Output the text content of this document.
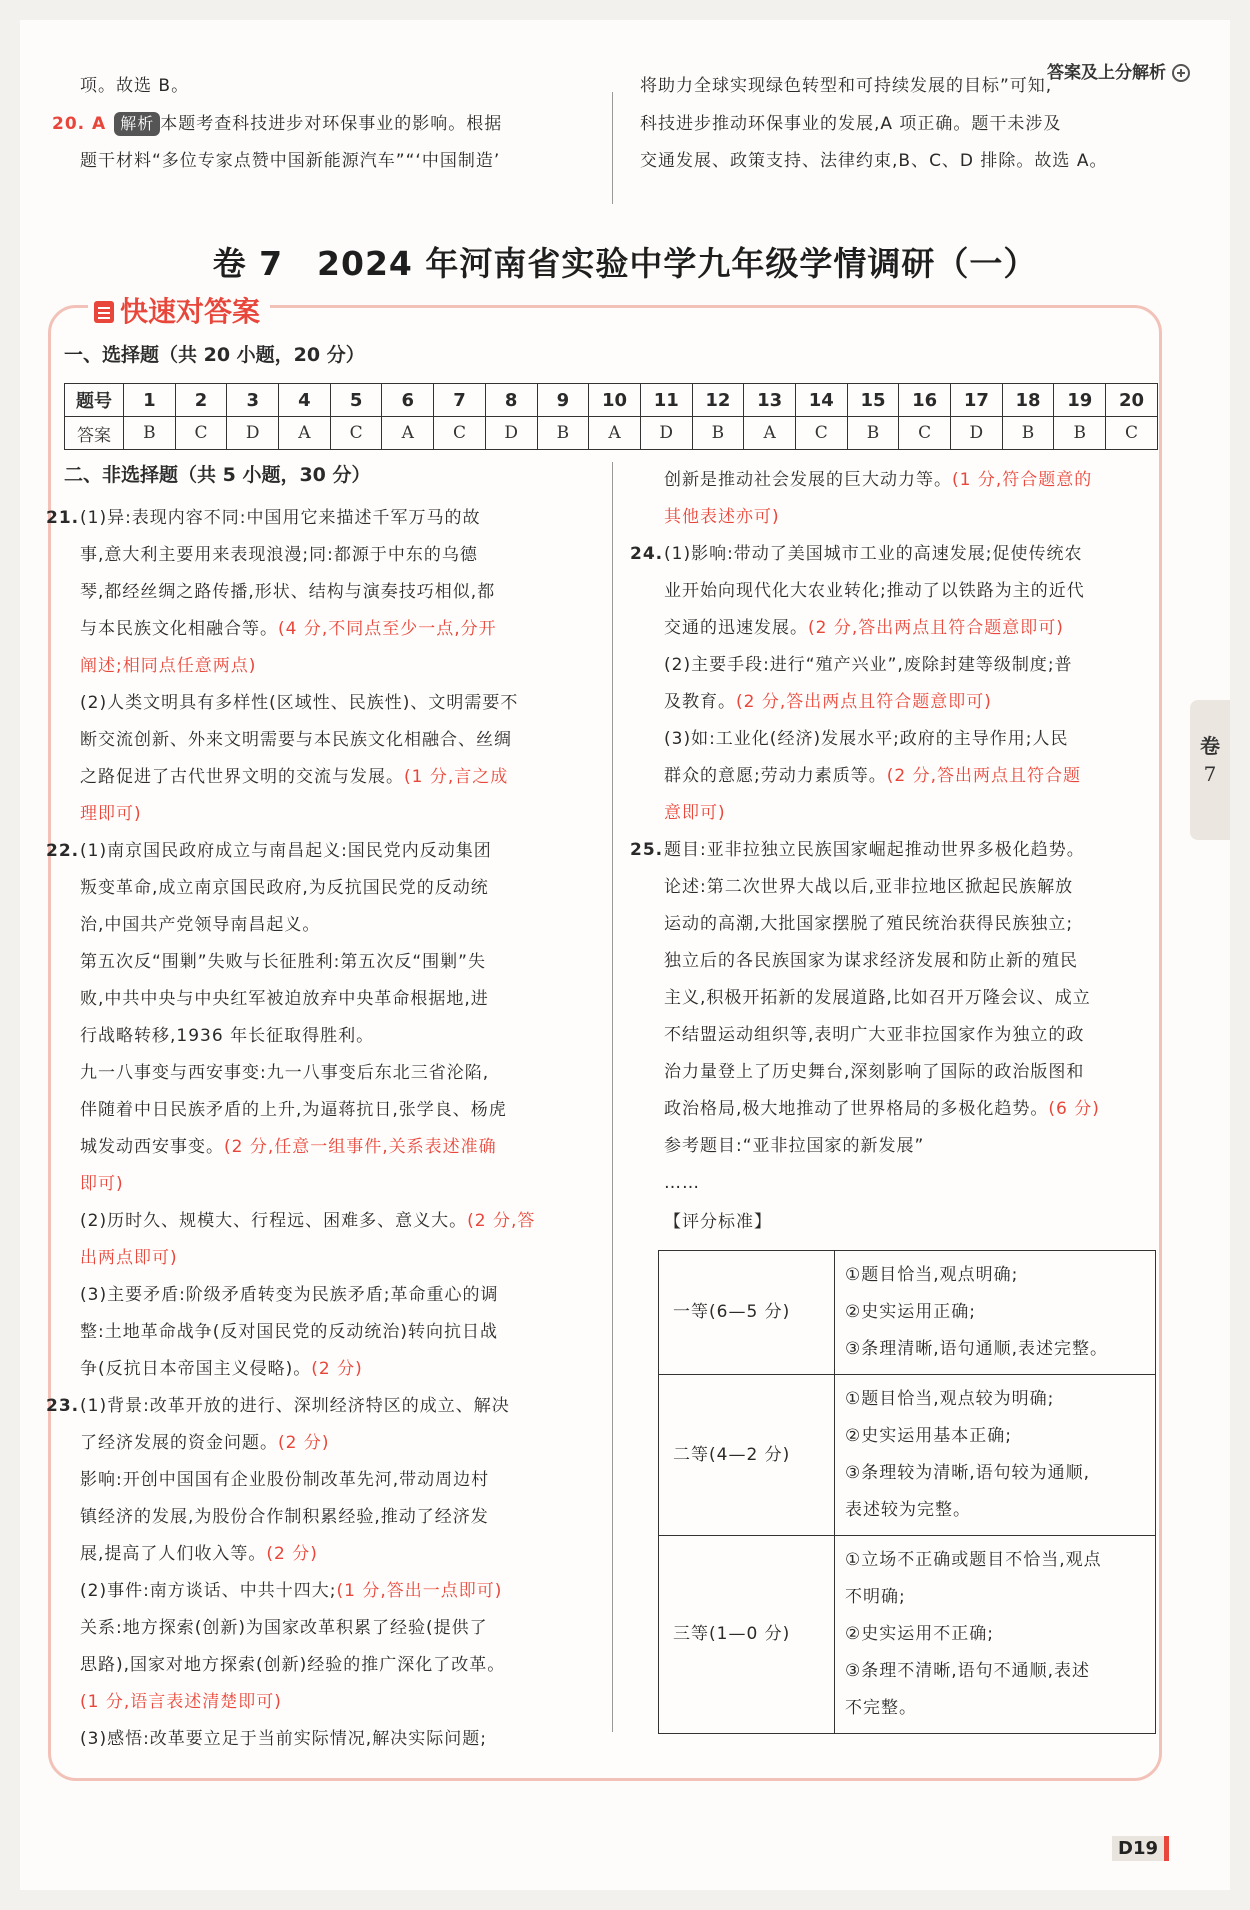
答案及上分解析
项。故选 B。
20. A 解析 本题考查科技进步对环保事业的影响。根据
题干材料“多位专家点赞中国新能源汽车”“‘中国制造’
将助力全球实现绿色转型和可持续发展的目标”可知,
科技进步推动环保事业的发展,A 项正确。题干未涉及
交通发展、政策支持、法律约束,B、C、D 排除。故选 A。
卷 7　2024 年河南省实验中学九年级学情调研（一）
快速对答案
一、选择题（共 20 小题，20 分）
题号	1	2	3	4	5	6	7	8	9	10	11	12	13	14	15	16	17	18	19	20
答案	B	C	D	A	C	A	C	D	B	A	D	B	A	C	B	C	D	B	B	C
二、非选择题（共 5 小题，30 分）

21.(1)异:表现内容不同:中国用它来描述千军万马的故

事,意大利主要用来表现浪漫;同:都源于中东的乌德

琴,都经丝绸之路传播,形状、结构与演奏技巧相似,都

与本民族文化相融合等。(4 分,不同点至少一点,分开

阐述;相同点任意两点)

(2)人类文明具有多样性(区域性、民族性)、文明需要不

断交流创新、外来文明需要与本民族文化相融合、丝绸

之路促进了古代世界文明的交流与发展。(1 分,言之成

理即可)

22.(1)南京国民政府成立与南昌起义:国民党内反动集团

叛变革命,成立南京国民政府,为反抗国民党的反动统

治,中国共产党领导南昌起义。

第五次反“围剿”失败与长征胜利:第五次反“围剿”失

败,中共中央与中央红军被迫放弃中央革命根据地,进

行战略转移,1936 年长征取得胜利。

九一八事变与西安事变:九一八事变后东北三省沦陷,

伴随着中日民族矛盾的上升,为逼蒋抗日,张学良、杨虎

城发动西安事变。(2 分,任意一组事件,关系表述准确

即可)

(2)历时久、规模大、行程远、困难多、意义大。(2 分,答

出两点即可)

(3)主要矛盾:阶级矛盾转变为民族矛盾;革命重心的调

整:土地革命战争(反对国民党的反动统治)转向抗日战

争(反抗日本帝国主义侵略)。(2 分)

23.(1)背景:改革开放的进行、深圳经济特区的成立、解决

了经济发展的资金问题。(2 分)

影响:开创中国国有企业股份制改革先河,带动周边村

镇经济的发展,为股份合作制积累经验,推动了经济发

展,提高了人们收入等。(2 分)

(2)事件:南方谈话、中共十四大;(1 分,答出一点即可)

关系:地方探索(创新)为国家改革积累了经验(提供了

思路),国家对地方探索(创新)经验的推广深化了改革。

(1 分,语言表述清楚即可)

(3)感悟:改革要立足于当前实际情况,解决实际问题;

创新是推动社会发展的巨大动力等。(1 分,符合题意的

其他表述亦可)

24.(1)影响:带动了美国城市工业的高速发展;促使传统农

业开始向现代化大农业转化;推动了以铁路为主的近代

交通的迅速发展。(2 分,答出两点且符合题意即可)

(2)主要手段:进行“殖产兴业”,废除封建等级制度;普

及教育。(2 分,答出两点且符合题意即可)

(3)如:工业化(经济)发展水平;政府的主导作用;人民

群众的意愿;劳动力素质等。(2 分,答出两点且符合题

意即可)

25.题目:亚非拉独立民族国家崛起推动世界多极化趋势。

论述:第二次世界大战以后,亚非拉地区掀起民族解放

运动的高潮,大批国家摆脱了殖民统治获得民族独立;

独立后的各民族国家为谋求经济发展和防止新的殖民

主义,积极开拓新的发展道路,比如召开万隆会议、成立

不结盟运动组织等,表明广大亚非拉国家作为独立的政

治力量登上了历史舞台,深刻影响了国际的政治版图和

政治格局,极大地推动了世界格局的多极化趋势。(6 分)

参考题目:“亚非拉国家的新发展”

……

【评分标准】

一等(6—5 分)	①题目恰当,观点明确;
②史实运用正确;
③条理清晰,语句通顺,表述完整。

二等(4—2 分)	①题目恰当,观点较为明确;
②史实运用基本正确;
③条理较为清晰,语句较为通顺,
表述较为完整。

三等(1—0 分)	①立场不正确或题目不恰当,观点
不明确;
②史实运用不正确;
③条理不清晰,语句不通顺,表述
不完整。
卷
7
D19
